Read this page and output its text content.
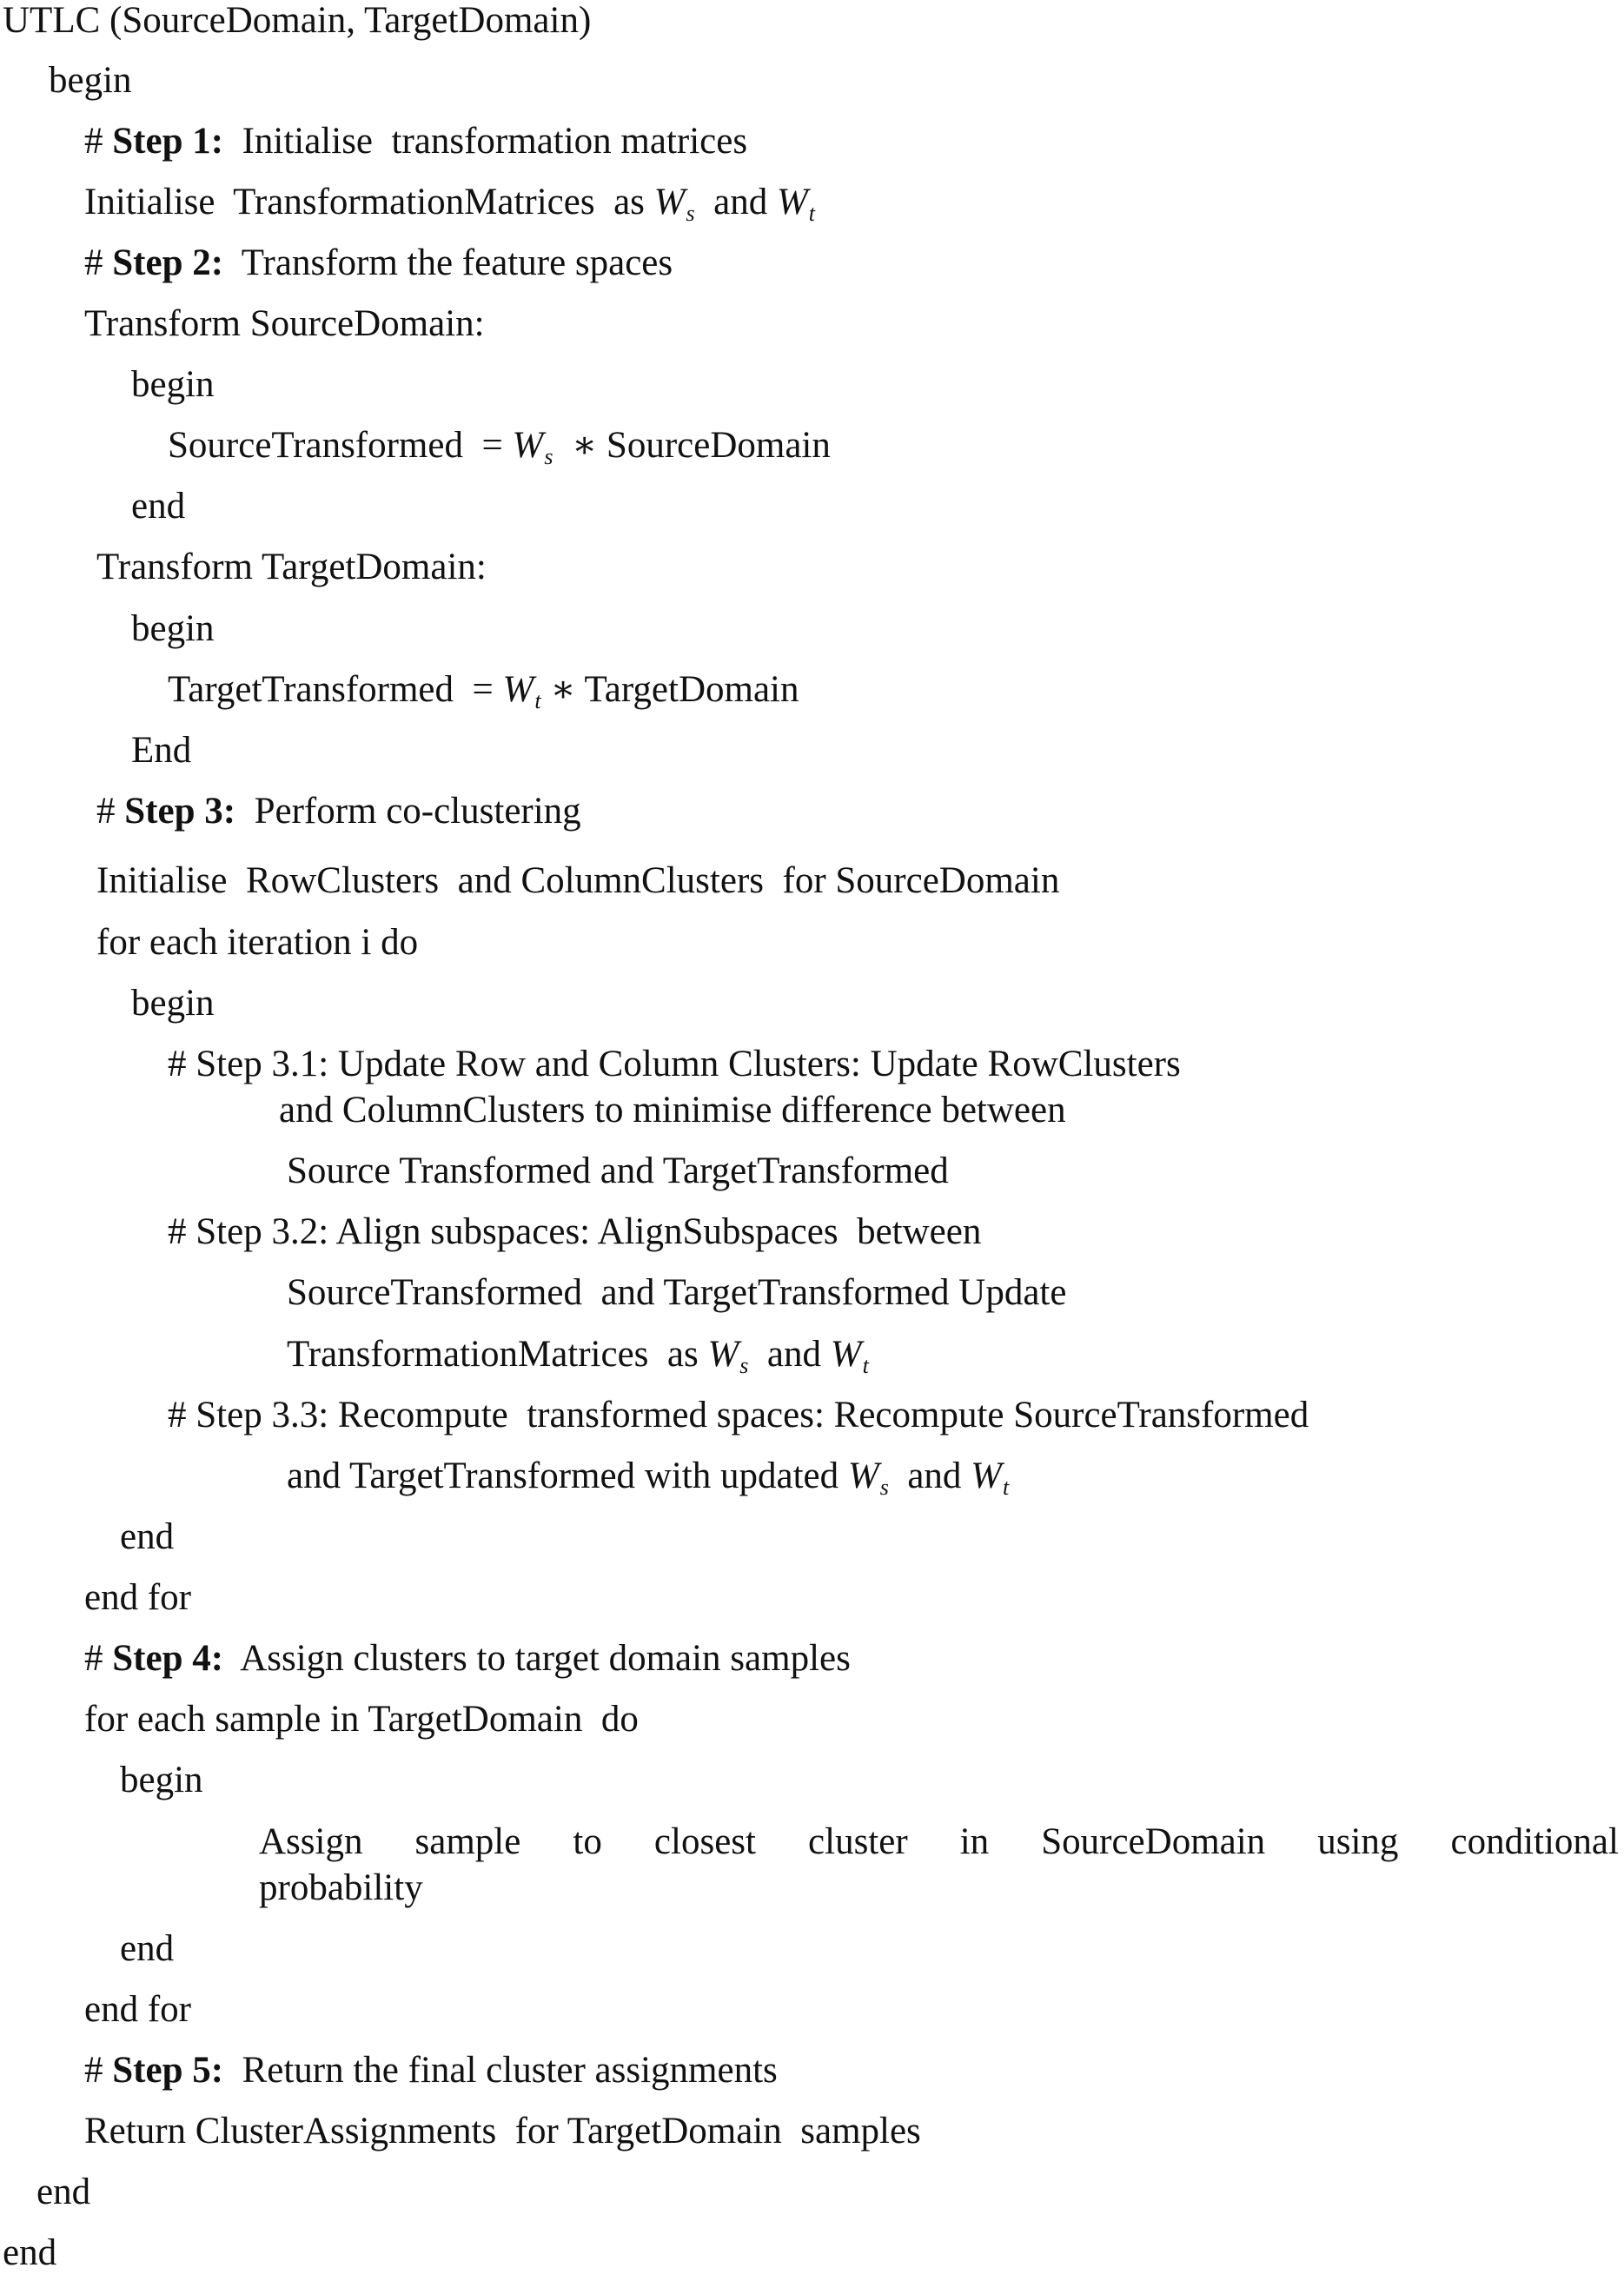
UTLC (SourceDomain, TargetDomain)
begin
# Step 1: Initialise  transformation matrices
Initialise  TransformationMatrices  as $W_s$ and $W_t$
# Step 2: Transform the feature spaces
Transform SourceDomain:
begin
SourceTransformed  = $W_s$ ∗ SourceDomain
end
Transform TargetDomain:
begin
TargetTransformed  = $W_t$ ∗ TargetDomain
End
# Step 3: Perform co-clustering
Initialise  RowClusters  and ColumnClusters  for SourceDomain
for each iteration i do
begin
# Step 3.1: Update Row and Column Clusters: Update RowClusters
and ColumnClusters to minimise difference between
Source Transformed and TargetTransformed
# Step 3.2: Align subspaces: AlignSubspaces  between
SourceTransformed  and TargetTransformed Update
TransformationMatrices  as $W_s$ and $W_t$
# Step 3.3: Recompute  transformed spaces: Recompute SourceTransformed
and TargetTransformed with updated $W_s$ and $W_t$
end
end for
# Step 4: Assign clusters to target domain samples
for each sample in TargetDomain  do
begin
Assign sample to closest cluster in SourceDomain using conditional
probability
end
end for
# Step 5: Return the final cluster assignments
Return ClusterAssignments  for TargetDomain  samples
end
end
